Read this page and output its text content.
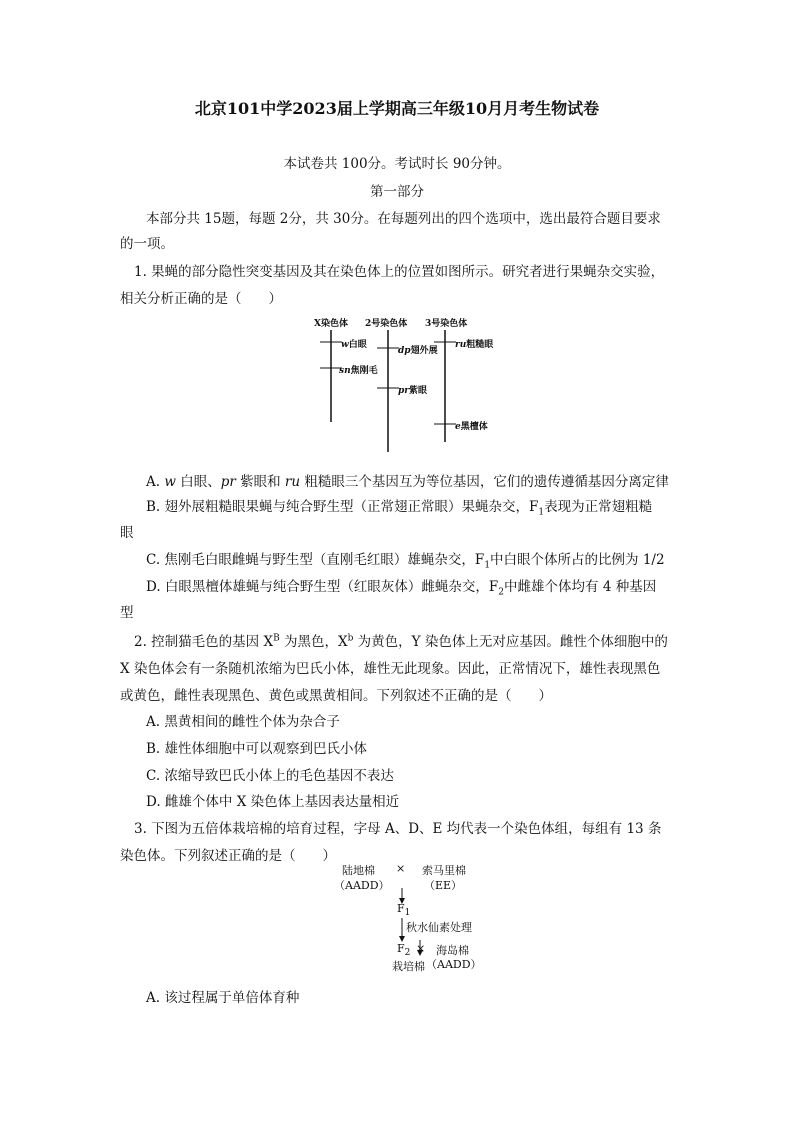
北京101中学2023届上学期高三年级10月月考生物试卷
本试卷共 100分。考试时长 90分钟。
第一部分
本部分共 15题，每题 2分，共 30分。在每题列出的四个选项中，选出最符合题目要求
的一项。
1. 果蝇的部分隐性突变基因及其在染色体上的位置如图所示。研究者进行果蝇杂交实验，
相关分析正确的是（　　）
X染色体 2号染色体 3号染色体
w白眼
sn焦刚毛
dp翅外展
pr紫眼
ru粗糙眼
e黑檀体
A. w 白眼、pr 紫眼和 ru 粗糙眼三个基因互为等位基因，它们的遗传遵循基因分离定律
B. 翅外展粗糙眼果蝇与纯合野生型（正常翅正常眼）果蝇杂交，$F_1$表现为正常翅粗糙
眼
C. 焦刚毛白眼雌蝇与野生型（直刚毛红眼）雄蝇杂交，$F_1$中白眼个体所占的比例为 1/2
D. 白眼黑檀体雄蝇与纯合野生型（红眼灰体）雌蝇杂交，$F_2$中雌雄个体均有 4 种基因
型
2. 控制猫毛色的基因 $X^B$ 为黑色，$X^b$ 为黄色，Y 染色体上无对应基因。雌性个体细胞中的
X 染色体会有一条随机浓缩为巴氏小体，雄性无此现象。因此，正常情况下，雄性表现黑色
或黄色，雌性表现黑色、黄色或黑黄相间。下列叙述不正确的是（　　）
A. 黑黄相间的雌性个体为杂合子
B. 雄性体细胞中可以观察到巴氏小体
C. 浓缩导致巴氏小体上的毛色基因不表达
D. 雌雄个体中 X 染色体上基因表达量相近
3. 下图为五倍体栽培棉的培育过程，字母 A、D、E 均代表一个染色体组，每组有 13 条
染色体。下列叙述正确的是（　　）
陆地棉
（AADD）
× 索马里棉
（EE）
$F_1$
秋水仙素处理
$F_2$ × 海岛棉
（AADD）
栽培棉
A. 该过程属于单倍体育种
